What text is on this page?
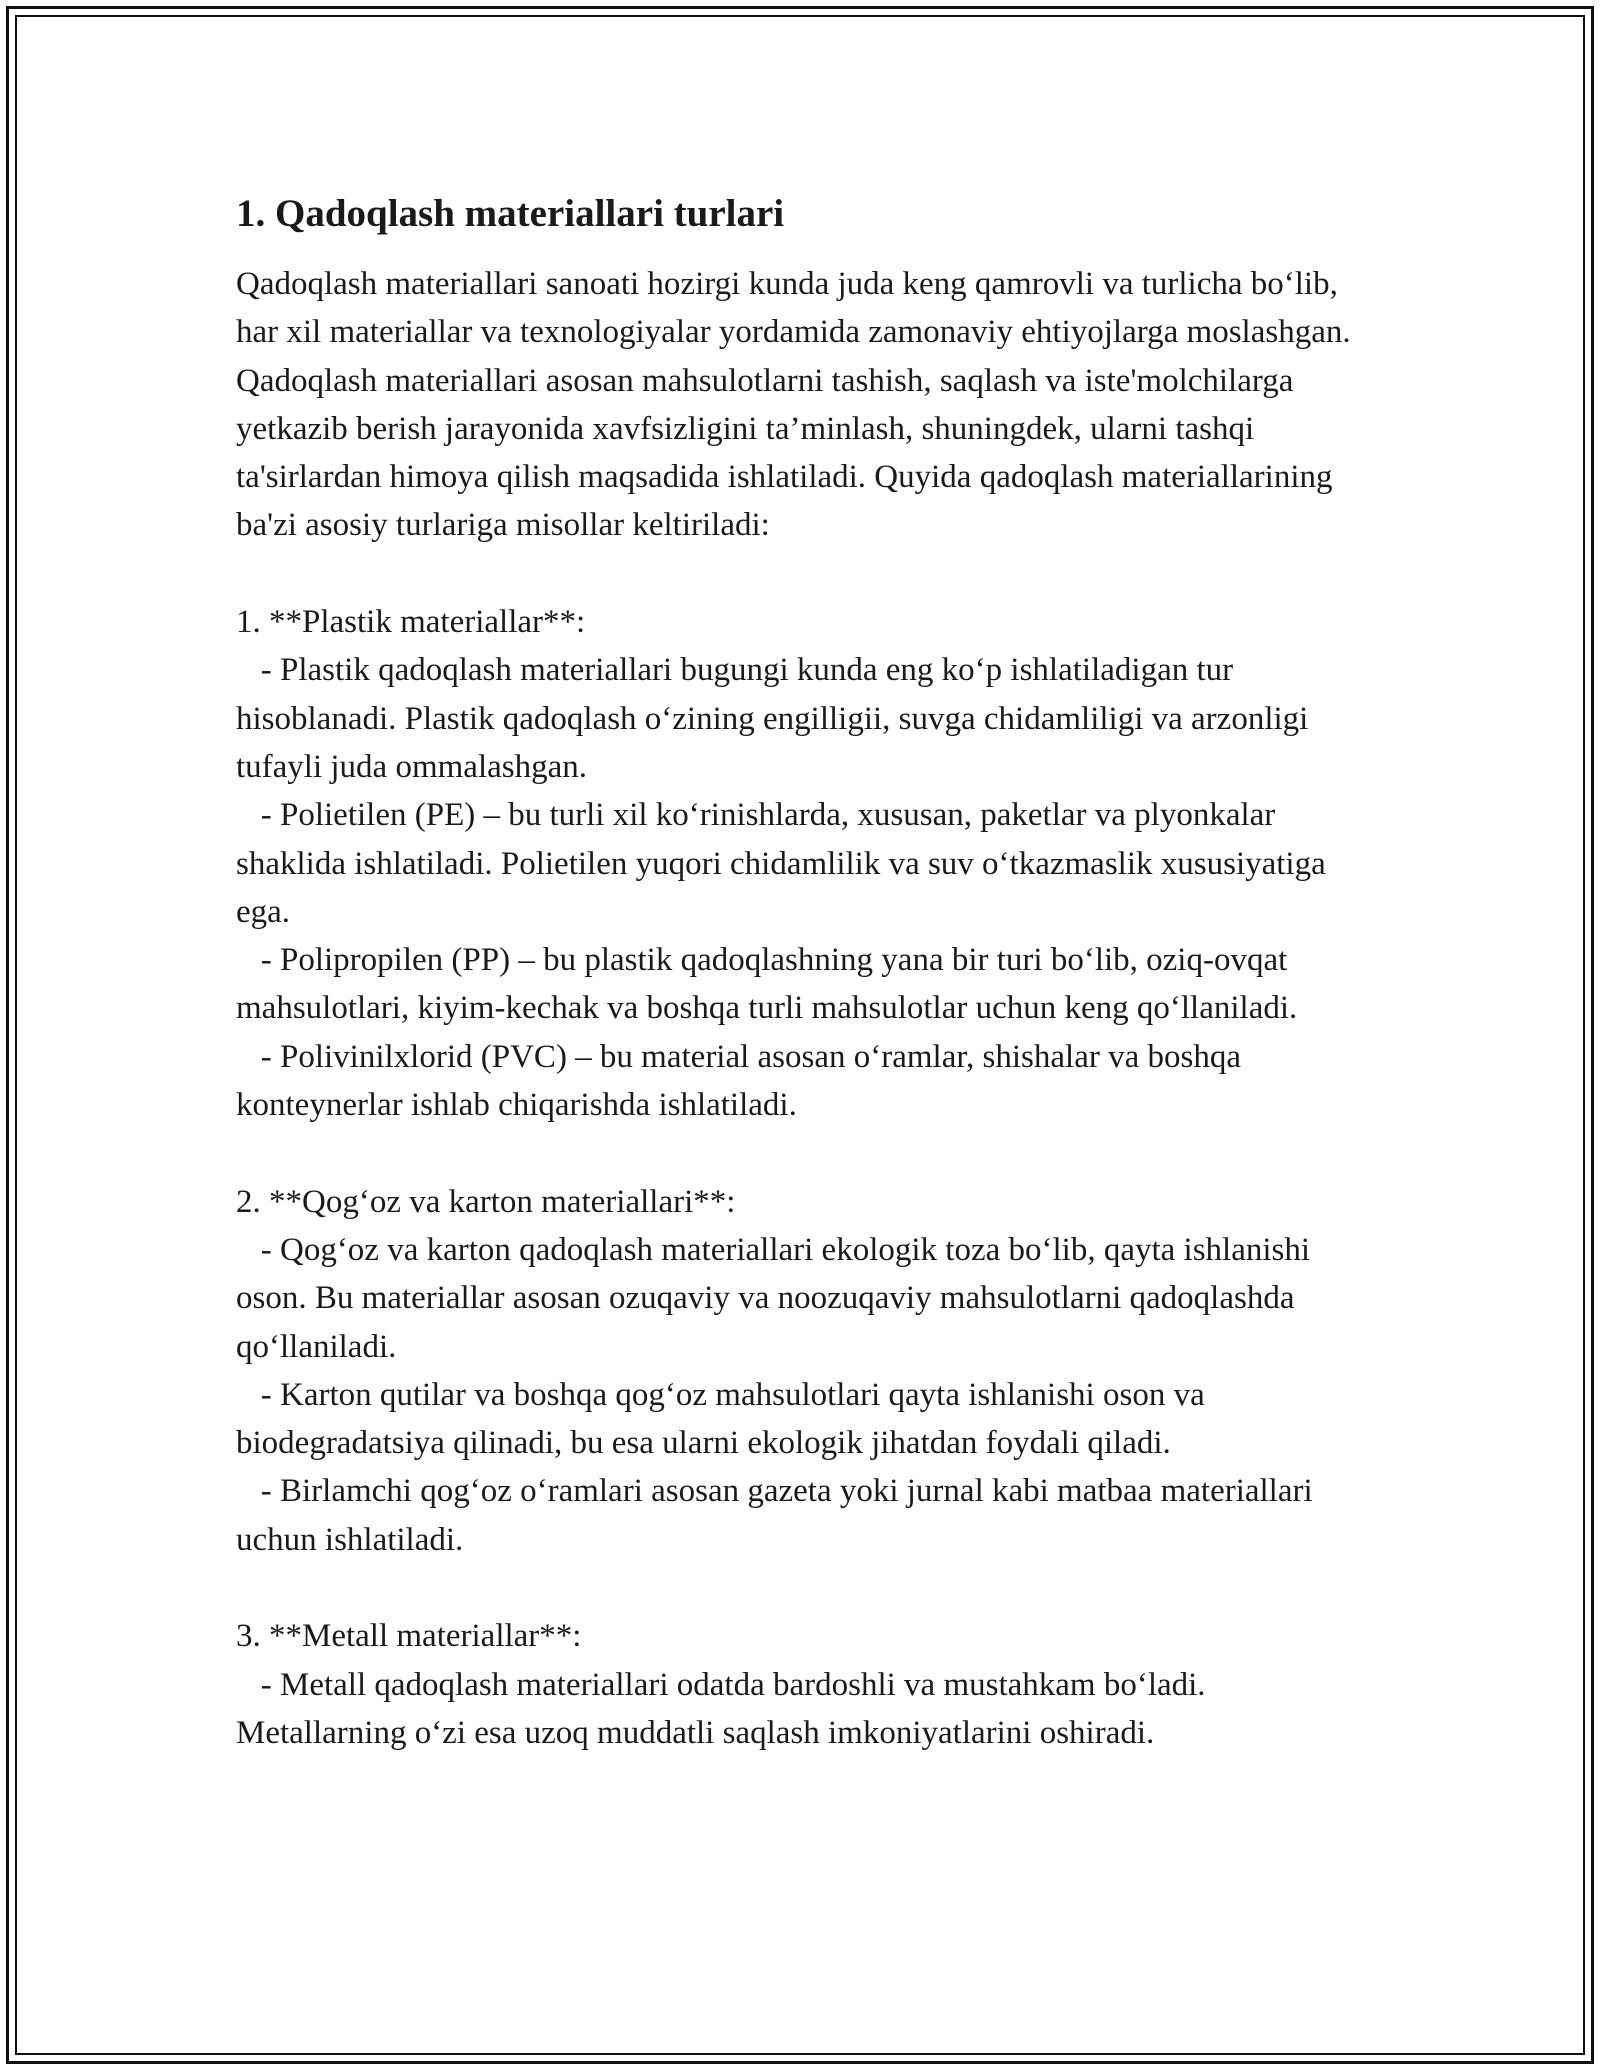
1. Qadoqlash materiallari turlari

Qadoqlash materiallari sanoati hozirgi kunda juda keng qamrovli va turlicha bo‘lib, har xil materiallar va texnologiyalar yordamida zamonaviy ehtiyojlarga moslashgan. Qadoqlash materiallari asosan mahsulotlarni tashish, saqlash va iste'molchilarga yetkazib berish jarayonida xavfsizligini ta’minlash, shuningdek, ularni tashqi ta'sirlardan himoya qilish maqsadida ishlatiladi. Quyida qadoqlash materiallarining ba'zi asosiy turlariga misollar keltiriladi:

1. **Plastik materiallar**:

- Plastik qadoqlash materiallari bugungi kunda eng ko‘p ishlatiladigan tur hisoblanadi. Plastik qadoqlash o‘zining engilligii, suvga chidamliligi va arzonligi tufayli juda ommalashgan.

- Polietilen (PE) – bu turli xil ko‘rinishlarda, xususan, paketlar va plyonkalar shaklida ishlatiladi. Polietilen yuqori chidamlilik va suv o‘tkazmaslik xususiyatiga ega.

- Polipropilen (PP) – bu plastik qadoqlashning yana bir turi bo‘lib, oziq-ovqat mahsulotlari, kiyim-kechak va boshqa turli mahsulotlar uchun keng qo‘llaniladi.

- Polivinilxlorid (PVC) – bu material asosan o‘ramlar, shishalar va boshqa konteynerlar ishlab chiqarishda ishlatiladi.

2. **Qog‘oz va karton materiallari**:

- Qog‘oz va karton qadoqlash materiallari ekologik toza bo‘lib, qayta ishlanishi oson. Bu materiallar asosan ozuqaviy va noozuqaviy mahsulotlarni qadoqlashda qo‘llaniladi.

- Karton qutilar va boshqa qog‘oz mahsulotlari qayta ishlanishi oson va biodegradatsiya qilinadi, bu esa ularni ekologik jihatdan foydali qiladi.

- Birlamchi qog‘oz o‘ramlari asosan gazeta yoki jurnal kabi matbaa materiallari uchun ishlatiladi.

3. **Metall materiallar**:

- Metall qadoqlash materiallari odatda bardoshli va mustahkam bo‘ladi. Metallarning o‘zi esa uzoq muddatli saqlash imkoniyatlarini oshiradi.
